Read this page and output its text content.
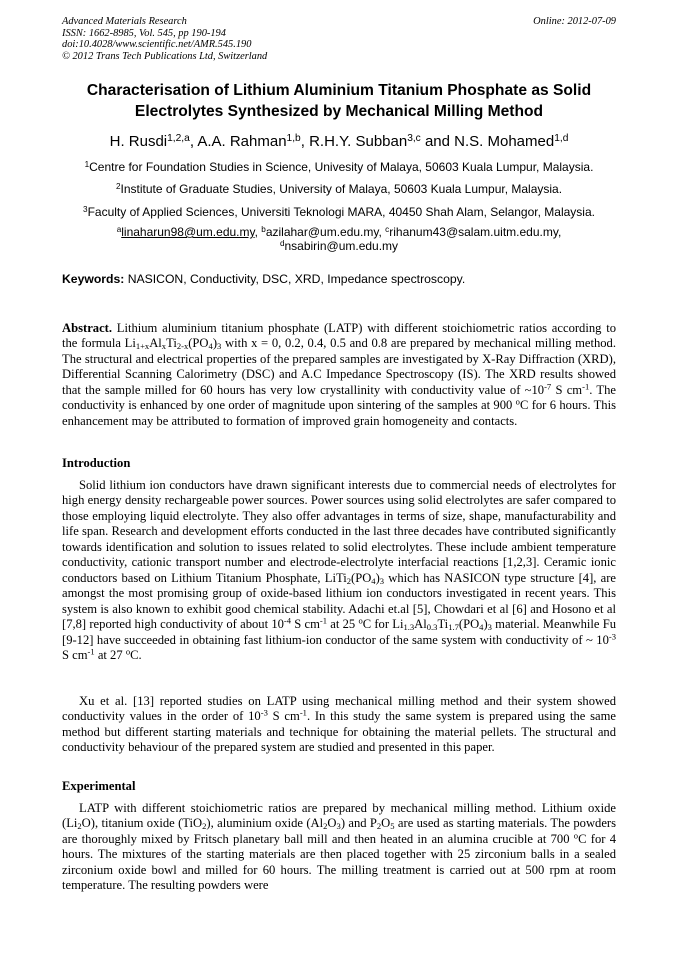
Advanced Materials Research
ISSN: 1662-8985, Vol. 545, pp 190-194
doi:10.4028/www.scientific.net/AMR.545.190
© 2012 Trans Tech Publications Ltd, Switzerland
Online: 2012-07-09
Characterisation of Lithium Aluminium Titanium Phosphate as Solid
Electrolytes Synthesized by Mechanical Milling Method
H. Rusdi$^{1,2,a}$, A.A. Rahman$^{1,b}$, R.H.Y. Subban$^{3,c}$ and N.S. Mohamed$^{1,d}$
$^1$Centre for Foundation Studies in Science, Univesity of Malaya, 50603 Kuala Lumpur, Malaysia.
$^2$Institute of Graduate Studies, University of Malaya, 50603 Kuala Lumpur, Malaysia.
$^3$Faculty of Applied Sciences, Universiti Teknologi MARA, 40450 Shah Alam, Selangor, Malaysia.
$^a$linaharun98@um.edu.my, $^b$azilahar@um.edu.my, $^c$rihanum43@salam.uitm.edu.my,
$^d$nsabirin@um.edu.my
Keywords: NASICON, Conductivity, DSC, XRD, Impedance spectroscopy.
Abstract. Lithium aluminium titanium phosphate (LATP) with different stoichiometric ratios according to the formula $Li_{1+x}Al_xTi_{2-x}(PO_4)_3$ with x = 0, 0.2, 0.4, 0.5 and 0.8 are prepared by mechanical milling method. The structural and electrical properties of the prepared samples are investigated by X-Ray Diffraction (XRD), Differential Scanning Calorimetry (DSC) and A.C Impedance Spectroscopy (IS). The XRD results showed that the sample milled for 60 hours has very low crystallinity with conductivity value of $\sim 10^{-7}$ S $cm^{-1}$. The conductivity is enhanced by one order of magnitude upon sintering of the samples at 900 $^o$C for 6 hours. This enhancement may be attributed to formation of improved grain homogeneity and contacts.
Introduction
Solid lithium ion conductors have drawn significant interests due to commercial needs of electrolytes for high energy density rechargeable power sources. Power sources using solid electrolytes are safer compared to those employing liquid electrolyte. They also offer advantages in terms of size, shape, manufacturability and life span. Research and development efforts conducted in the last three decades have contributed significantly towards identification and solution to issues related to solid electrolytes. These include ambient temperature conductivity, cationic transport number and electrode-electrolyte interfacial reactions [1,2,3]. Ceramic ionic conductors based on Lithium Titanium Phosphate, $LiTi_2(PO_4)_3$ which has NASICON type structure [4], are amongst the most promising group of oxide-based lithium ion conductors investigated in recent years. This system is also known to exhibit good chemical stability. Adachi et.al [5], Chowdari et al [6] and Hosono et al [7,8] reported high conductivity of about $10^{-4}$ S $cm^{-1}$ at 25 $^o$C for $Li_{1.3}Al_{0.3}Ti_{1.7}(PO_4)_3$ material. Meanwhile Fu [9-12] have succeeded in obtaining fast lithium-ion conductor of the same system with conductivity of ~ $10^{-3}$ S $cm^{-1}$ at 27 $^o$C.
Xu et al. [13] reported studies on LATP using mechanical milling method and their system showed conductivity values in the order of $10^{-3}$ S $cm^{-1}$. In this study the same system is prepared using the same method but different starting materials and technique for obtaining the material pellets. The structural and conductivity behaviour of the prepared system are studied and presented in this paper.
Experimental
LATP with different stoichiometric ratios are prepared by mechanical milling method. Lithium oxide $(Li_2O)$, titanium oxide (TiO$_2$), aluminium oxide $(Al_2O_3)$ and $P_2O_5$ are used as starting materials. The powders are thoroughly mixed by Fritsch planetary ball mill and then heated in an alumina crucible at 700 $^o$C for 4 hours. The mixtures of the starting materials are then placed together with 25 zirconium balls in a sealed zirconium oxide bowl and milled for 60 hours. The milling treatment is carried out at 500 rpm at room temperature. The resulting powders were
